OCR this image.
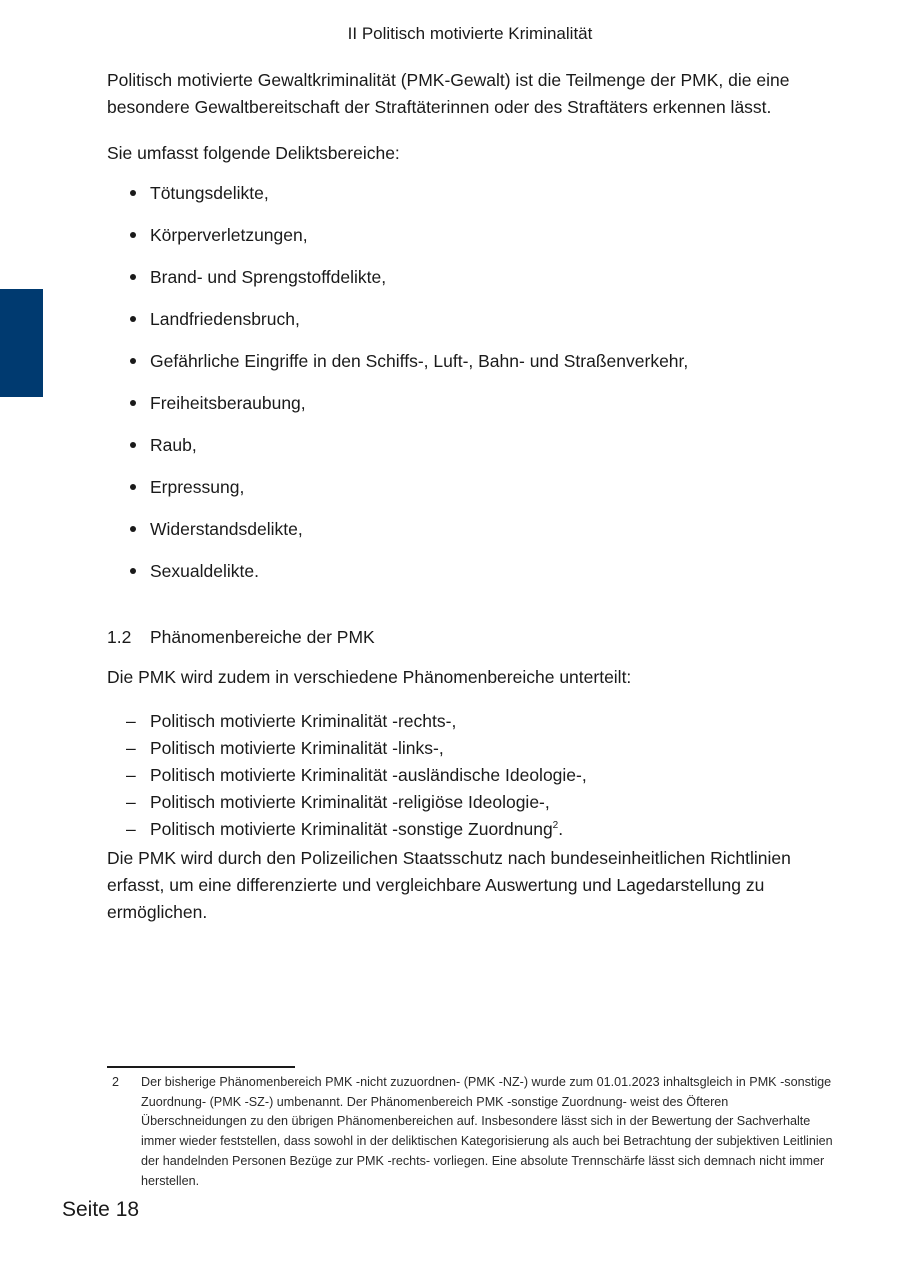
II Politisch motivierte Kriminalität

Politisch motivierte Gewaltkriminalität (PMK-Gewalt) ist die Teilmenge der PMK, die eine besondere Gewaltbereitschaft der Straftäterinnen oder des Straftäters erkennen lässt.

Sie umfasst folgende Deliktsbereiche:

Tötungsdelikte,
Körperverletzungen,
Brand- und Sprengstoffdelikte,
Landfriedensbruch,
Gefährliche Eingriffe in den Schiffs-, Luft-, Bahn- und Straßenverkehr,
Freiheitsberaubung,
Raub,
Erpressung,
Widerstandsdelikte,
Sexualdelikte.
1.2 Phänomenbereiche der PMK

Die PMK wird zudem in verschiedene Phänomenbereiche unterteilt:

– Politisch motivierte Kriminalität -rechts-,
– Politisch motivierte Kriminalität -links-,
– Politisch motivierte Kriminalität -ausländische Ideologie-,
– Politisch motivierte Kriminalität -religiöse Ideologie-,
– Politisch motivierte Kriminalität -sonstige Zuordnung$^2$.

Die PMK wird durch den Polizeilichen Staatsschutz nach bundeseinheitlichen Richtlinien erfasst, um eine differenzierte und vergleichbare Auswertung und Lagedarstellung zu ermöglichen.

2 Der bisherige Phänomenbereich PMK -nicht zuzuordnen- (PMK -NZ-) wurde zum 01.01.2023 inhaltsgleich in PMK -sonstige Zuordnung- (PMK -SZ-) umbenannt. Der Phänomenbereich PMK -sonstige Zuordnung- weist des Öfteren Überschneidungen zu den übrigen Phänomenbereichen auf. Insbesondere lässt sich in der Bewertung der Sachverhalte immer wieder feststellen, dass sowohl in der deliktischen Kategorisierung als auch bei Betrachtung der subjektiven Leitlinien der handelnden Personen Bezüge zur PMK -rechts- vorliegen. Eine absolute Trennschärfe lässt sich demnach nicht immer herstellen.
Seite 18
